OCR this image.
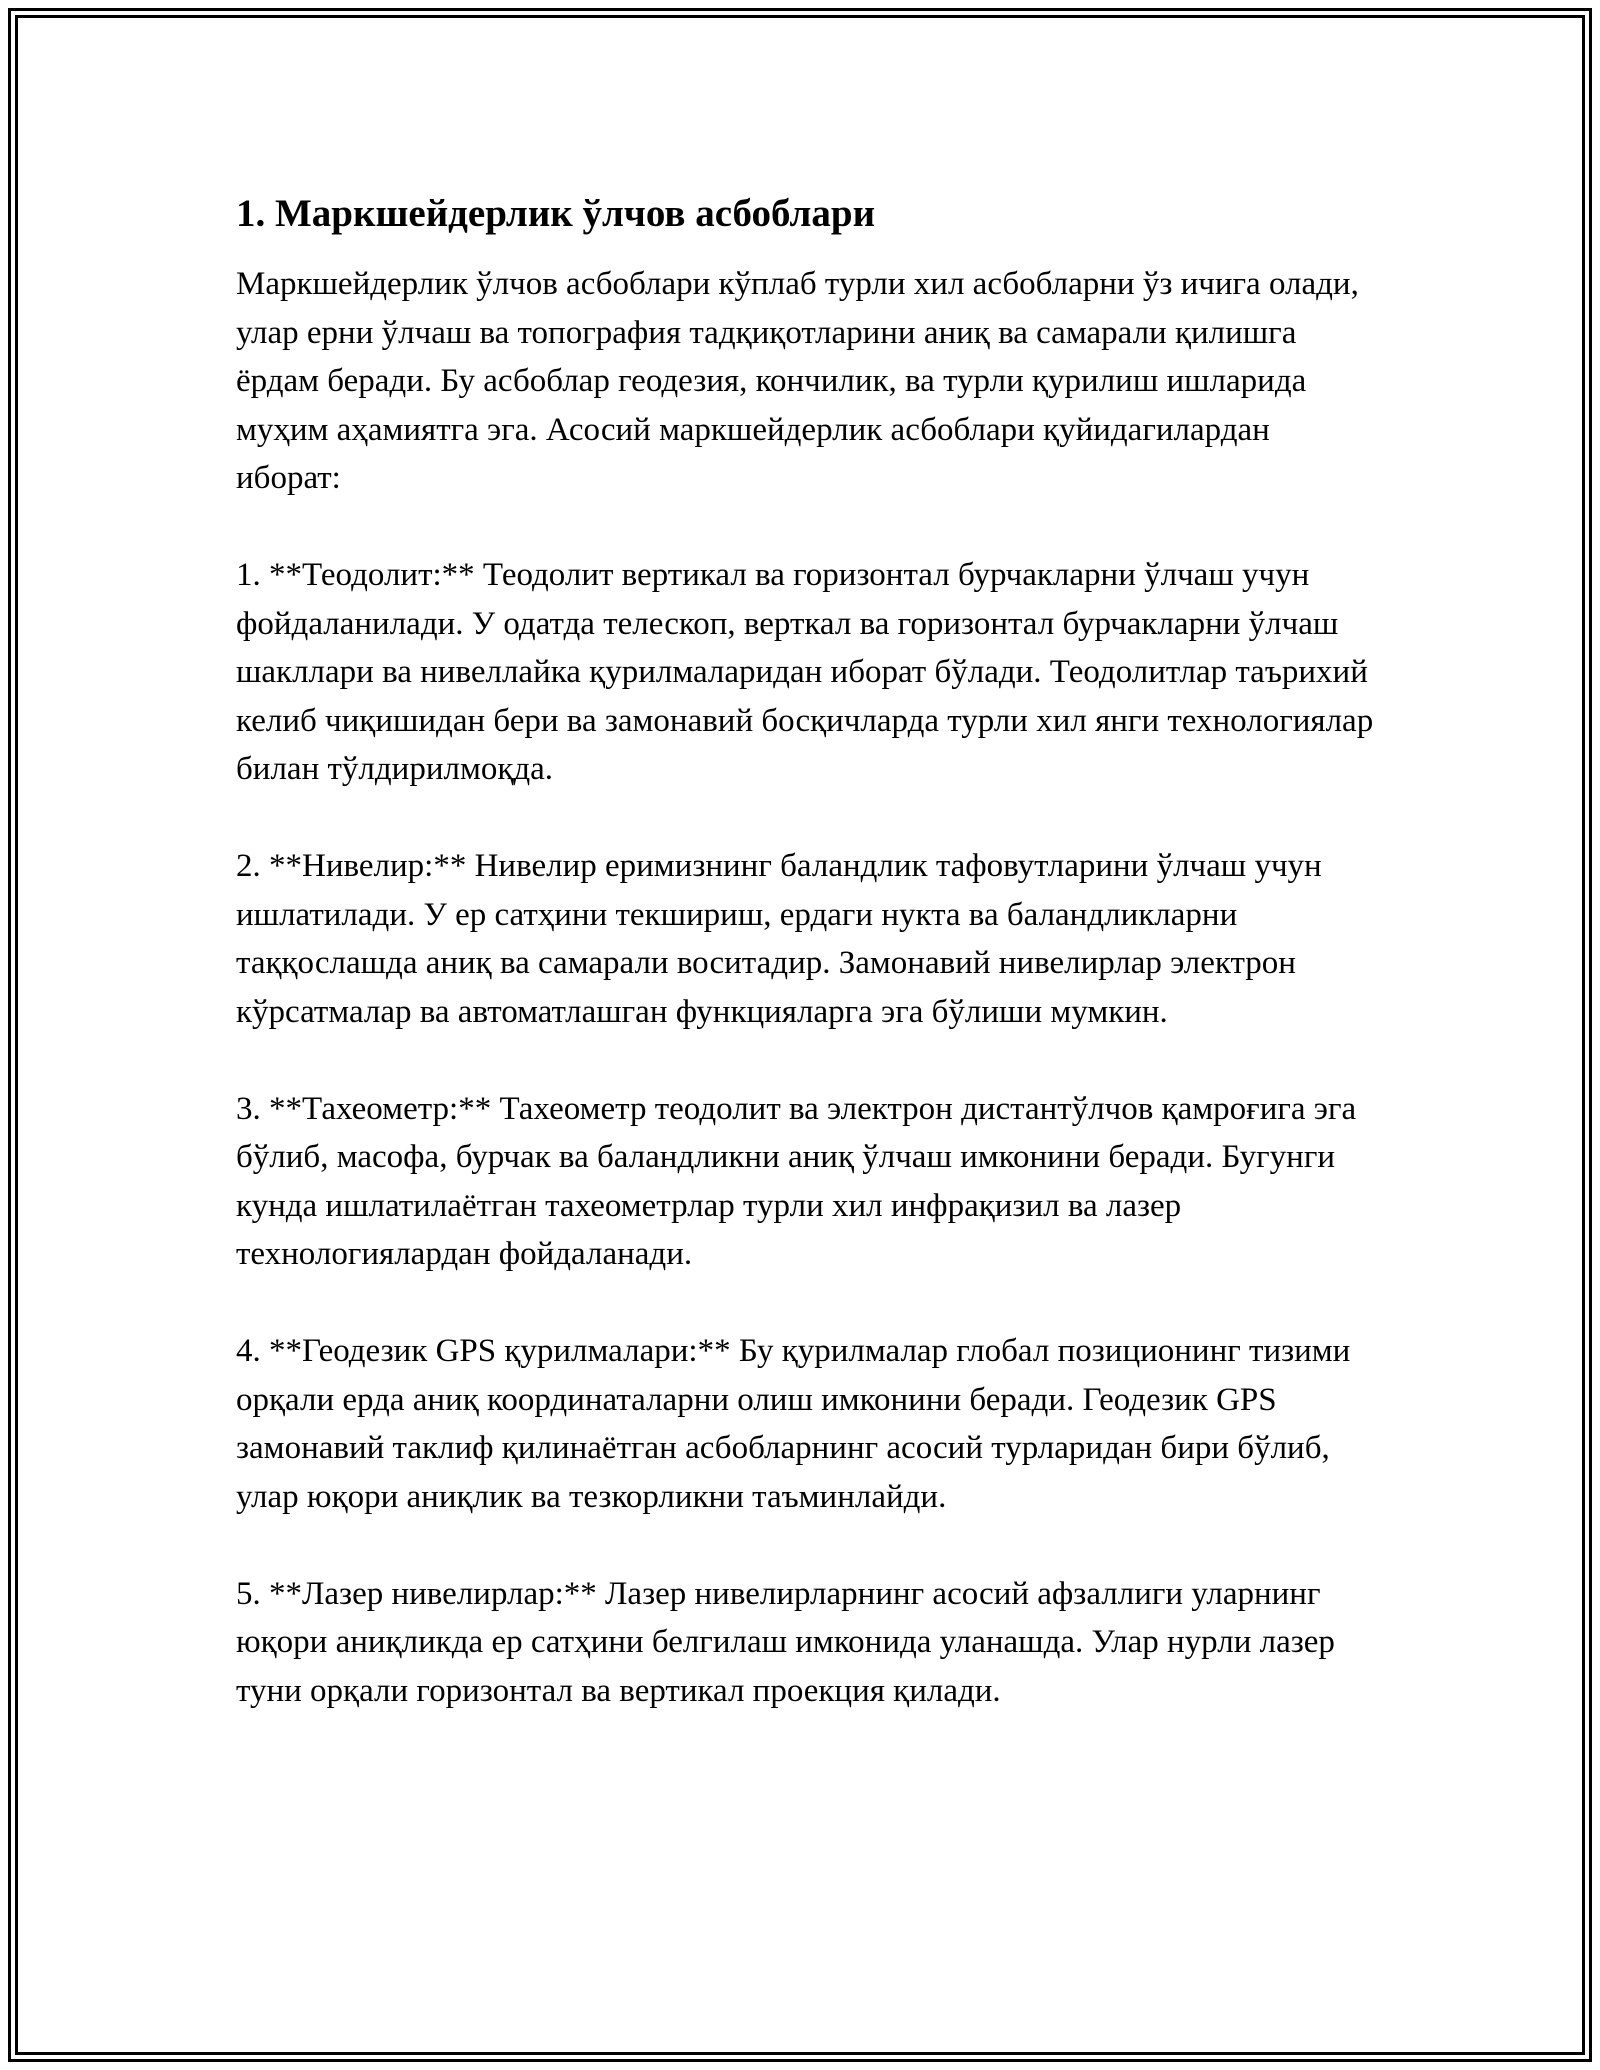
1. Маркшейдерлик ўлчов асбоблари
Маркшейдерлик ўлчов асбоблари кўплаб турли хил асбобларни ўз ичига олади, улар ерни ўлчаш ва топография тадқиқотларини аниқ ва самарали қилишга ёрдам беради. Бу асбоблар геодезия, кончилик, ва турли қурилиш ишларида муҳим аҳамиятга эга. Асосий маркшейдерлик асбоблари қуйидагилардан иборат:
1. **Теодолит:** Теодолит вертикал ва горизонтал бурчакларни ўлчаш учун фойдаланилади. У одатда телескоп, верткал ва горизонтал бурчакларни ўлчаш шакллари ва нивеллайка қурилмаларидан иборат бўлади. Теодолитлар таърихий келиб чиқишидан бери ва замонавий босқичларда турли хил янги технологиялар билан тўлдирилмоқда.
2. **Нивелир:** Нивелир еримизнинг баландлик тафовутларини ўлчаш учун ишлатилади. У ер сатҳини текшириш, ердаги нукта ва баландликларни таққослашда аниқ ва самарали воситадир. Замонавий нивелирлар электрон кўрсатмалар ва автоматлашган функцияларга эга бўлиши мумкин.
3. **Тахеометр:** Тахеометр теодолит ва электрон дистантўлчов қамроғига эга бўлиб, масофа, бурчак ва баландликни аниқ ўлчаш имконини беради. Бугунги кунда ишлатилаётган тахеометрлар турли хил инфрақизил ва лазер технологиялардан фойдаланади.
4. **Геодезик GPS қурилмалари:** Бу қурилмалар глобал позиционинг тизими орқали ерда аниқ координаталарни олиш имконини беради. Геодезик GPS замонавий таклиф қилинаётган асбобларнинг асосий турларидан бири бўлиб, улар юқори аниқлик ва тезкорликни таъминлайди.
5. **Лазер нивелирлар:** Лазер нивелирларнинг асосий афзаллиги уларнинг юқори аниқликда ер сатҳини белгилаш имконида уланашда. Улар нурли лазер туни орқали горизонтал ва вертикал проекция қилади.
